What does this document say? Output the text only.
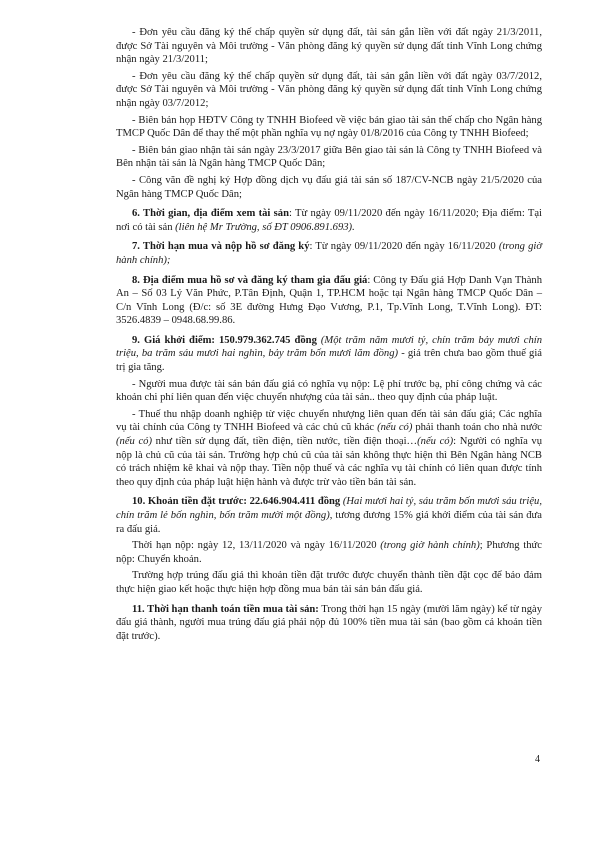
- Đơn yêu cầu đăng ký thế chấp quyền sử dụng đất, tài sản gắn liền với đất ngày 21/3/2011, được Sở Tài nguyên và Môi trường - Văn phòng đăng ký quyền sử dụng đất tỉnh Vĩnh Long chứng nhận ngày 21/3/2011;

- Đơn yêu cầu đăng ký thế chấp quyền sử dụng đất, tài sản gắn liền với đất ngày 03/7/2012, được Sở Tài nguyên và Môi trường - Văn phòng đăng ký quyền sử dụng đất tỉnh Vĩnh Long chứng nhận ngày 03/7/2012;

- Biên bản họp HĐTV Công ty TNHH Biofeed về việc bán giao tài sản thế chấp cho Ngân hàng TMCP Quốc Dân để thay thế một phần nghĩa vụ nợ ngày 01/8/2016 của Công ty TNHH Biofeed;

- Biên bản giao nhận tài sản ngày 23/3/2017 giữa Bên giao tài sản là Công ty TNHH Biofeed và Bên nhận tài sản là Ngân hàng TMCP Quốc Dân;

- Công văn đề nghị ký Hợp đồng dịch vụ đấu giá tài sản số 187/CV-NCB ngày 21/5/2020 của Ngân hàng TMCP Quốc Dân;

6. Thời gian, địa điểm xem tài sản: Từ ngày 09/11/2020 đến ngày 16/11/2020; Địa điểm: Tại nơi có tài sản (liên hệ Mr Trường, số ĐT 0906.891.693).

7. Thời hạn mua và nộp hồ sơ đăng ký: Từ ngày 09/11/2020 đến ngày 16/11/2020 (trong giờ hành chính);

8. Địa điểm mua hồ sơ và đăng ký tham gia đấu giá: Công ty Đấu giá Hợp Danh Vạn Thành An – Số 03 Lý Văn Phức, P.Tân Định, Quận 1, TP.HCM hoặc tại Ngân hàng TMCP Quốc Dân – C/n Vĩnh Long (Đ/c: số 3E đường Hưng Đạo Vương, P.1, Tp.Vĩnh Long, T.Vĩnh Long). ĐT: 3526.4839 – 0948.68.99.86.

9. Giá khởi điểm: 150.979.362.745 đồng (Một trăm năm mươi tỷ, chín trăm bảy mươi chín triệu, ba trăm sáu mươi hai nghìn, bảy trăm bốn mươi lăm đồng) - giá trên chưa bao gồm thuế giá trị gia tăng.

- Người mua được tài sản bán đấu giá có nghĩa vụ nộp: Lệ phí trước bạ, phí công chứng và các khoản chi phí liên quan đến việc chuyển nhượng của tài sản.. theo quy định của pháp luật.

- Thuế thu nhập doanh nghiệp từ việc chuyển nhượng liên quan đến tài sản đấu giá; Các nghĩa vụ tài chính của Công ty TNHH Biofeed và các chủ cũ khác (nếu có) phải thanh toán cho nhà nước (nếu có) như tiền sử dụng đất, tiền điện, tiền nước, tiền điện thoại…(nếu có): Người có nghĩa vụ nộp là chủ cũ của tài sản. Trường hợp chủ cũ của tài sản không thực hiện thì Bên Ngân hàng NCB có trách nhiệm kê khai và nộp thay. Tiền nộp thuế và các nghĩa vụ tài chính có liên quan được tính theo quy định của pháp luật hiện hành và được trừ vào tiền bán tài sản.

10. Khoản tiền đặt trước: 22.646.904.411 đồng (Hai mươi hai tỷ, sáu trăm bốn mươi sáu triệu, chín trăm lẻ bốn nghìn, bốn trăm mười một đồng), tương đương 15% giá khởi điểm của tài sản đưa ra đấu giá.

Thời hạn nộp: ngày 12, 13/11/2020 và ngày 16/11/2020 (trong giờ hành chính); Phương thức nộp: Chuyển khoản.

Trường hợp trúng đấu giá thì khoản tiền đặt trước được chuyển thành tiền đặt cọc để bảo đảm thực hiện giao kết hoặc thực hiện hợp đồng mua bán tài sản bán đấu giá.

11. Thời hạn thanh toán tiền mua tài sản: Trong thời hạn 15 ngày (mười lăm ngày) kể từ ngày đấu giá thành, người mua trúng đấu giá phải nộp đủ 100% tiền mua tài sản (bao gồm cả khoản tiền đặt trước).

4
